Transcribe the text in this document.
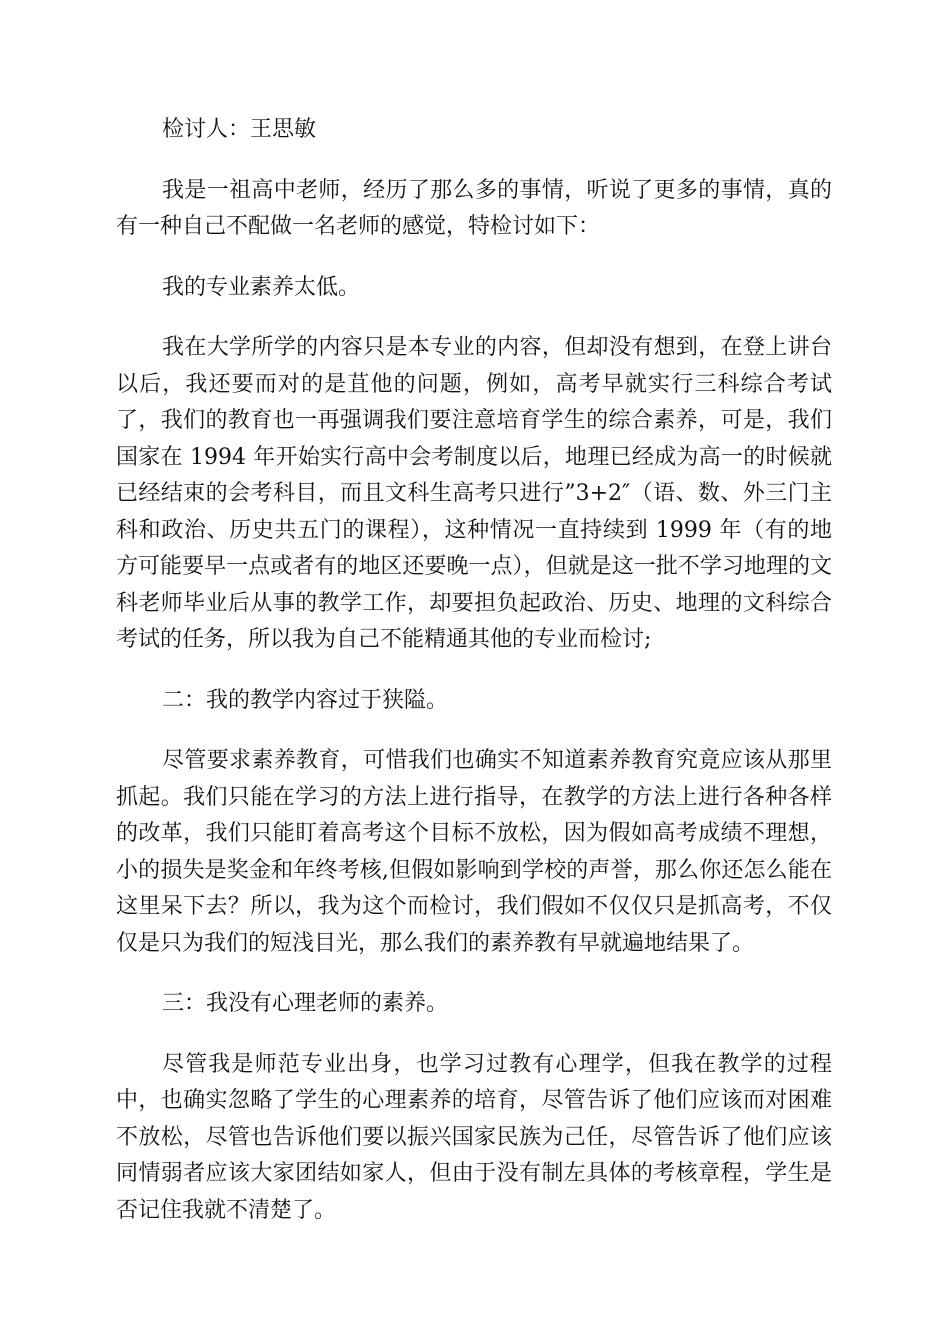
检讨人：王思敏

我是一祖高中老师，经历了那么多的事情，听说了更多的事情，真的有一种自己不配做一名老师的感觉，特检讨如下：

我的专业素养太低。

我在大学所学的内容只是本专业的内容，但却没有想到，在登上讲台以后，我还要而对的是苴他的问题，例如，高考早就实行三科综合考试了，我们的教育也一再强调我们要注意培育学生的综合素养，可是，我们国家在 1994 年开始实行高中会考制度以后，地理已经成为高一的时候就已经结束的会考科目，而且文科生高考只进行”3+2″（语、数、外三门主科和政治、历史共五门的课程），这种情况一直持续到 1999 年（有的地方可能要早一点或者有的地区还要晚一点），但就是这一批不学习地理的文科老师毕业后从事的教学工作，却要担负起政治、历史、地理的文科综合考试的任务，所以我为自己不能精通其他的专业而检讨;

二：我的教学内容过于狭隘。

尽管要求素养教育，可惜我们也确实不知道素养教育究竟应该从那里抓起。我们只能在学习的方法上进行指导，在教学的方法上进行各种各样的改革，我们只能盯着高考这个目标不放松，因为假如高考成绩不理想，小的损失是奖金和年终考核,但假如影响到学校的声誉，那么你还怎么能在这里呆下去？所以，我为这个而检讨，我们假如不仅仅只是抓高考，不仅仅是只为我们的短浅目光，那么我们的素养教有早就遍地结果了。

三：我没有心理老师的素养。

尽管我是师范专业出身，也学习过教有心理学，但我在教学的过程中，也确实忽略了学生的心理素养的培育，尽管告诉了他们应该而对困难不放松，尽管也告诉他们要以振兴国家民族为己任，尽管告诉了他们应该同情弱者应该大家团结如家人，但由于没有制左具体的考核章程，学生是否记住我就不清楚了。
